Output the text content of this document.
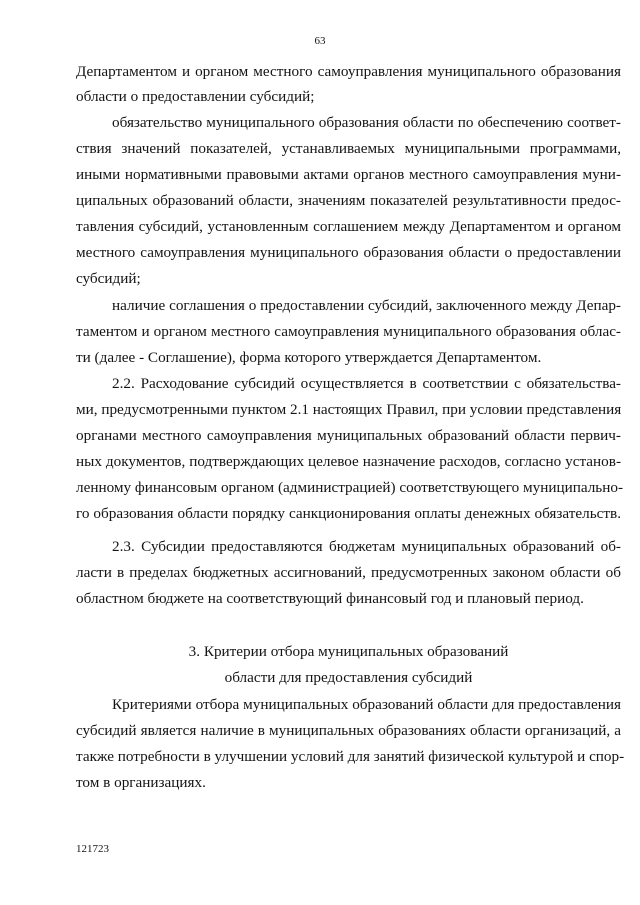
63
Департаментом и органом местного самоуправления муниципального образования
области о предоставлении субсидий;
обязательство муниципального образования области по обеспечению соответ-
ствия значений показателей, устанавливаемых муниципальными программами,
иными нормативными правовыми актами органов местного самоуправления муни-
ципальных образований области, значениям показателей результативности предос-
тавления субсидий, установленным соглашением между Департаментом и органом
местного самоуправления муниципального образования области о предоставлении
субсидий;
наличие соглашения о предоставлении субсидий, заключенного между Депар-
таментом и органом местного самоуправления муниципального образования облас-
ти (далее - Соглашение), форма которого утверждается Департаментом.
2.2. Расходование субсидий осуществляется в соответствии с обязательства-
ми, предусмотренными пунктом 2.1 настоящих Правил, при условии представления
органами местного самоуправления муниципальных образований области первич-
ных документов, подтверждающих целевое назначение расходов, согласно установ-
ленному финансовым органом (администрацией) соответствующего муниципально-
го образования области порядку санкционирования оплаты денежных обязательств.
2.3. Субсидии предоставляются бюджетам муниципальных образований об-
ласти в пределах бюджетных ассигнований, предусмотренных законом области об
областном бюджете на соответствующий финансовый год и плановый период.
3. Критерии отбора муниципальных образований
области для предоставления субсидий
Критериями отбора муниципальных образований области для предоставления
субсидий является наличие в муниципальных образованиях области организаций, а
также потребности в улучшении условий для занятий физической культурой и спор-
том в организациях.
121723
